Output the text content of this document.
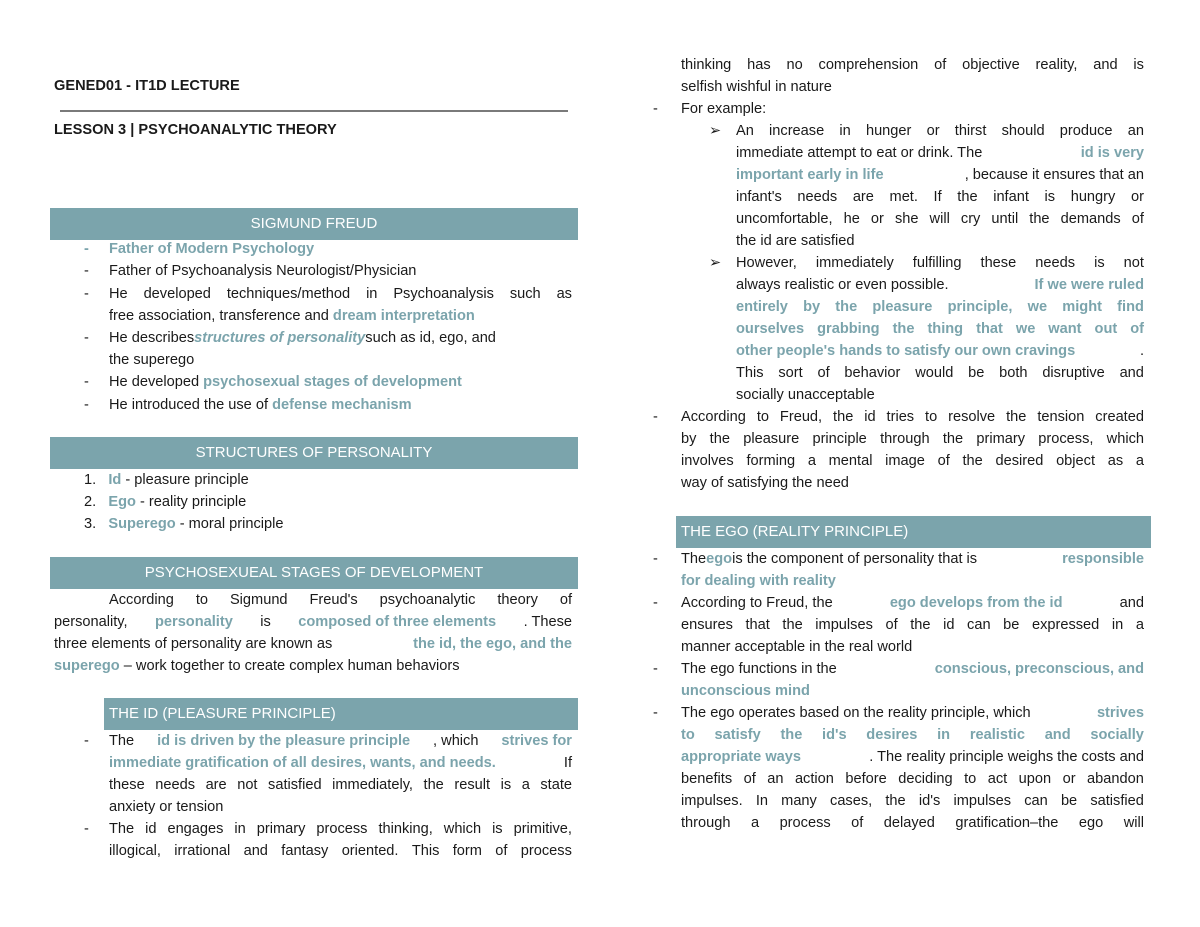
GENED01 - IT1D LECTURE
LESSON 3 | PSYCHOANALYTIC THEORY
SIGMUND FREUD
- Father of Modern Psychology
- Father of Psychoanalysis Neurologist/Physician
- He developed techniques/method in Psychoanalysis such as
free association, transference and dream interpretation
- He describes structures of personality such as id, ego, and
the superego
- He developed psychosexual stages of development
- He introduced the use of defense mechanism
STRUCTURES OF PERSONALITY
1. Id - pleasure principle
2. Ego - reality principle
3. Superego - moral principle
PSYCHOSEXUEAL STAGES OF DEVELOPMENT
According to Sigmund Freud's psychoanalytic theory of
personality, personality is composed of three elements . These
three elements of personality are known as	the id, the ego, and the
superego – work together to create complex human behaviors
THE ID (PLEASURE PRINCIPLE)
- The id is driven by the pleasure principle , which strives for
immediate gratification of all desires, wants, and needs.	If
these needs are not satisfied immediately, the result is a state
anxiety or tension
- The id engages in primary process thinking, which is primitive,
illogical, irrational and fantasy oriented. This form of process
thinking has no comprehension of objective reality, and is
selfish wishful in nature
- For example:
➢ An increase in hunger or thirst should produce an
immediate attempt to eat or drink. The	id is very
important early in life	, because it ensures that an
infant's needs are met. If the infant is hungry or
uncomfortable, he or she will cry until the demands of
the id are satisfied
➢ However, immediately fulfilling these needs is not
always realistic or even possible.	If we were ruled
entirely by the pleasure principle, we might find
ourselves grabbing the thing that we want out of
other people's hands to satisfy our own cravings	.
This sort of behavior would be both disruptive and
socially unacceptable
- According to Freud, the id tries to resolve the tension created
by the pleasure principle through the primary process, which
involves forming a mental image of the desired object as a
way of satisfying the need
THE EGO (REALITY PRINCIPLE)
- The ego is the component of personality that is	responsible
for dealing with reality
- According to Freud, the	ego develops from the id	and
ensures that the impulses of the id can be expressed in a
manner acceptable in the real world
- The ego functions in the	conscious, preconscious, and
unconscious mind
- The ego operates based on the reality principle, which	strives
to satisfy the id's desires in realistic and socially
appropriate ways	. The reality principle weighs the costs and
benefits of an action before deciding to act upon or abandon
impulses. In many cases, the id's impulses can be satisfied
through a process of delayed gratification–the ego will
